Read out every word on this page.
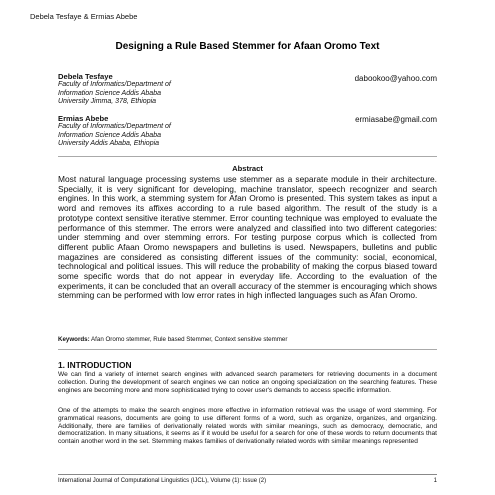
Debela Tesfaye & Ermias Abebe
Designing a Rule Based Stemmer for Afaan Oromo Text
Debela Tesfaye
Faculty of Informatics/Department of
Information Science Addis Ababa
University Jimma, 378, Ethiopia
dabookoo@yahoo.com
Ermias Abebe
Faculty of Informatics/Department of
Information Science Addis Ababa
University Addis Ababa, Ethiopia
ermiasabe@gmail.com
Abstract

Most natural language processing systems use stemmer as a separate module in their architecture. Specially, it is very significant for developing, machine translator, speech recognizer and search engines. In this work, a stemming system for Afan Oromo is presented. This system takes as input a word and removes its affixes according to a rule based algorithm. The result of the study is a prototype context sensitive iterative stemmer. Error counting technique was employed to evaluate the performance of this stemmer. The errors were analyzed and classified into two different categories: under stemming and over stemming errors. For testing purpose corpus which is collected from different public Afaan Oromo newspapers and bulletins is used. Newspapers, bulletins and public magazines are considered as consisting different issues of the community: social, economical, technological and political issues. This will reduce the probability of making the corpus biased toward some specific words that do not appear in everyday life. According to the evaluation of the experiments, it can be concluded that an overall accuracy of the stemmer is encouraging which shows stemming can be performed with low error rates in high inflected languages such as Afan Oromo.

Keywords: Afan Oromo stemmer, Rule based Stemmer, Context sensitive stemmer
1. INTRODUCTION

We can find a variety of internet search engines with advanced search parameters for retrieving documents in a document collection. During the development of search engines we can notice an ongoing specialization on the searching features. These engines are becoming more and more sophisticated trying to cover user's demands to access specific information.

One of the attempts to make the search engines more effective in information retrieval was the usage of word stemming. For grammatical reasons, documents are going to use different forms of a word, such as organize, organizes, and organizing. Additionally, there are families of derivationally related words with similar meanings, such as democracy, democratic, and democratization. In many situations, it seems as if it would be useful for a search for one of these words to return documents that contain another word in the set. Stemming makes families of derivationally related words with similar meanings represented

International Journal of Computational Linguistics (IJCL), Volume (1): Issue (2)	1
